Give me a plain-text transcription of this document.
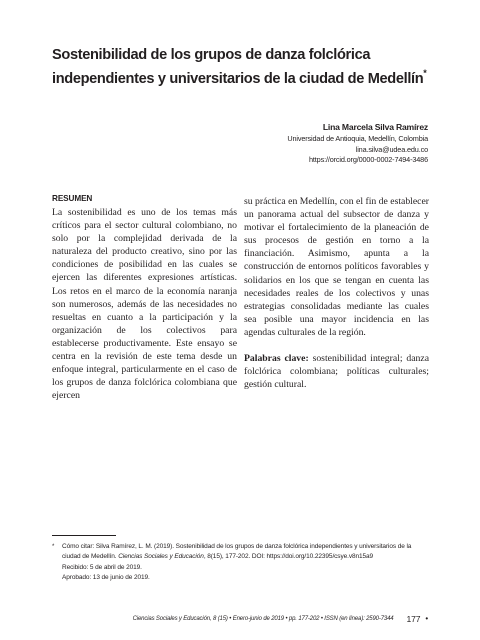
Sostenibilidad de los grupos de danza folclórica
independientes y universitarios de la ciudad de Medellín*
Lina Marcela Silva Ramírez
Universidad de Antioquia, Medellín, Colombia
lina.silva@udea.edu.co
https://orcid.org/0000-0002-7494-3486
RESUMEN

La sostenibilidad es uno de los temas más críticos para el sector cultural colombiano, no solo por la complejidad derivada de la naturaleza del producto creativo, sino por las condiciones de posibilidad en las cuales se ejercen las diferentes expresiones artísticas. Los retos en el marco de la economía naranja son numerosos, además de las necesidades no resueltas en cuanto a la participación y la organización de los colectivos para establecerse productivamente. Este ensayo se centra en la revisión de este tema desde un enfoque integral, particularmente en el caso de los grupos de danza folclórica colombiana que ejercen

su práctica en Medellín, con el fin de establecer un panorama actual del subsector de danza y motivar el fortalecimiento de la planeación de sus procesos de gestión en torno a la financiación. Asimismo, apunta a la construcción de entornos políticos favorables y solidarios en los que se tengan en cuenta las necesidades reales de los colectivos y unas estrategias consolidadas mediante las cuales sea posible una mayor incidencia en las agendas culturales de la región.

Palabras clave: sostenibilidad integral; danza folclórica colombiana; políticas culturales; gestión cultural.

*	Cómo citar: Silva Ramírez, L. M. (2019). Sostenibilidad de los grupos de danza folclórica independientes y universitarios de la ciudad de Medellín. Ciencias Sociales y Educación, 8(15), 177-202. DOI: https://doi.org/10.22395/csye.v8n15a9
Recibido: 5 de abril de 2019.
Aprobado: 13 de junio de 2019.
Ciencias Sociales y Educación, 8 (15) • Enero-junio de 2019 • pp. 177-202 • ISSN (en línea): 2590-7344 177 •
